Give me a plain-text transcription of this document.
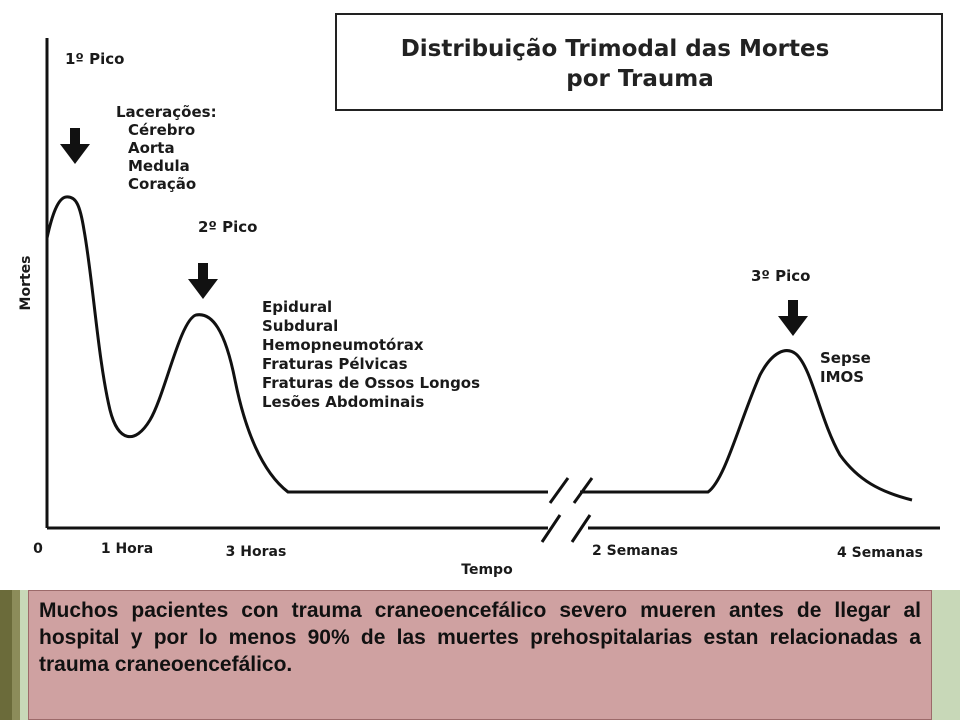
Distribuição Trimodal das Mortes
por Trauma
1º Pico
Lacerações:
Cérebro
Aorta
Medula
Coração
2º Pico
Epidural
Subdural
Hemopneumotórax
Fraturas Pélvicas
Fraturas de Ossos Longos
Lesões Abdominais
3º Pico
Sepse
IMOS
Mortes
Tempo
0	1 Hora	3 Horas	2 Semanas	4 Semanas

Muchos pacientes con trauma craneoencefálico severo mueren antes de llegar al hospital y por lo menos 90% de las muertes prehospitalarias estan relacionadas a trauma craneoencefálico.
